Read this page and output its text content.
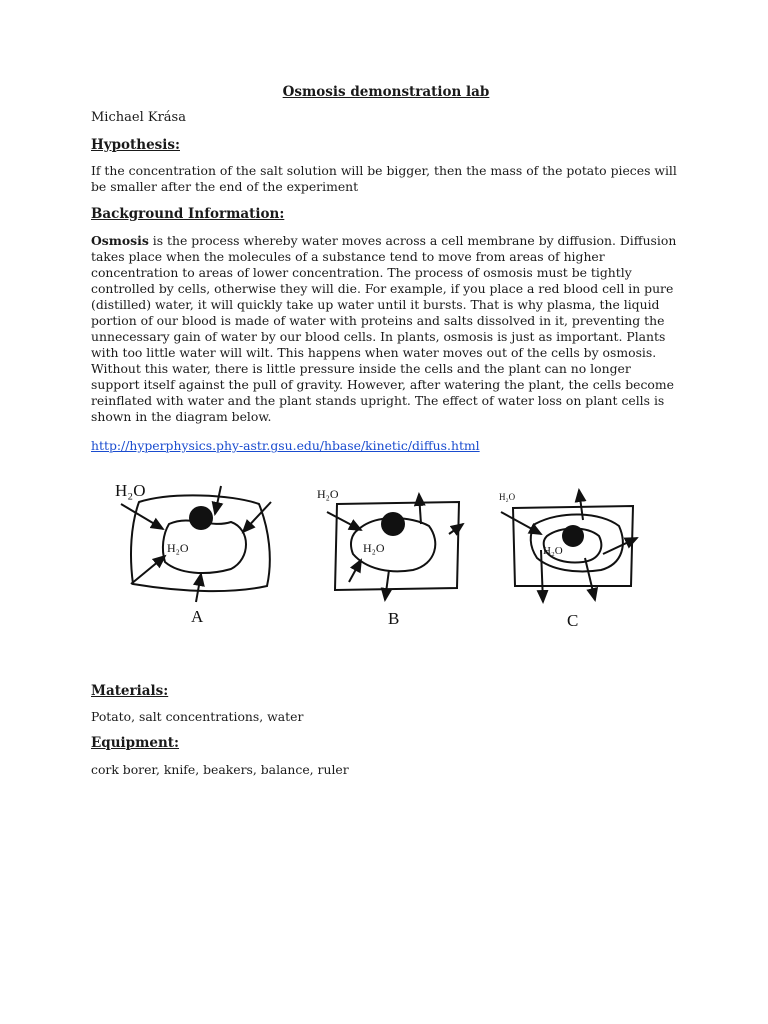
Osmosis demonstration lab
Michael Krása
Hypothesis:
If the concentration of the salt solution will be bigger, then the mass of the potato pieces will be smaller after the end of the experiment
Background Information:
Osmosis is the process whereby water moves across a cell membrane by diffusion. Diffusion takes place when the molecules of a substance tend to move from areas of higher concentration to areas of lower concentration. The process of osmosis must be tightly controlled by cells, otherwise they will die. For example, if you place a red blood cell in pure (distilled) water, it will quickly take up water until it bursts. That is why plasma, the liquid portion of our blood is made of water with proteins and salts dissolved in it, preventing the unnecessary gain of water by our blood cells. In plants, osmosis is just as important. Plants with too little water will wilt. This happens when water moves out of the cells by osmosis. Without this water, there is little pressure inside the cells and the plant can no longer support itself against the pull of gravity. However, after watering the plant, the cells become reinflated with water and the plant stands upright. The effect of water loss on plant cells is shown in the diagram below.
http://hyperphysics.phy-astr.gsu.edu/hbase/kinetic/diffus.html
H₂O
H₂O
H₂O
H₂O
H₂O
H₂O
A	B	C
Materials:
Potato, salt concentrations, water
Equipment:
cork borer, knife, beakers, balance, ruler
